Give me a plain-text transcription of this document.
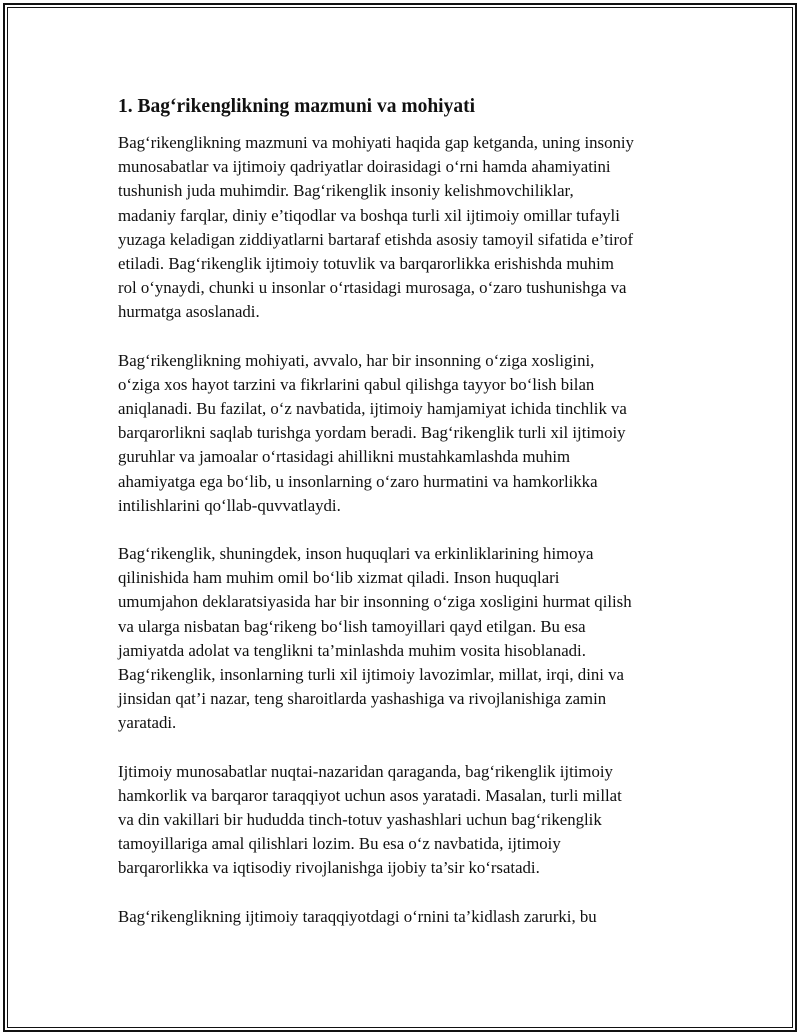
1. Bag‘rikenglikning mazmuni va mohiyati
Bag‘rikenglikning mazmuni va mohiyati haqida gap ketganda, uning insoniy
munosabatlar va ijtimoiy qadriyatlar doirasidagi o‘rni hamda ahamiyatini
tushunish juda muhimdir. Bag‘rikenglik insoniy kelishmovchiliklar,
madaniy farqlar, diniy e’tiqodlar va boshqa turli xil ijtimoiy omillar tufayli
yuzaga keladigan ziddiyatlarni bartaraf etishda asosiy tamoyil sifatida e’tirof
etiladi. Bag‘rikenglik ijtimoiy totuvlik va barqarorlikka erishishda muhim
rol o‘ynaydi, chunki u insonlar o‘rtasidagi murosaga, o‘zaro tushunishga va
hurmatga asoslanadi.
Bag‘rikenglikning mohiyati, avvalo, har bir insonning o‘ziga xosligini,
o‘ziga xos hayot tarzini va fikrlarini qabul qilishga tayyor bo‘lish bilan
aniqlanadi. Bu fazilat, o‘z navbatida, ijtimoiy hamjamiyat ichida tinchlik va
barqarorlikni saqlab turishga yordam beradi. Bag‘rikenglik turli xil ijtimoiy
guruhlar va jamoalar o‘rtasidagi ahillikni mustahkamlashda muhim
ahamiyatga ega bo‘lib, u insonlarning o‘zaro hurmatini va hamkorlikka
intilishlarini qo‘llab-quvvatlaydi.
Bag‘rikenglik, shuningdek, inson huquqlari va erkinliklarining himoya
qilinishida ham muhim omil bo‘lib xizmat qiladi. Inson huquqlari
umumjahon deklaratsiyasida har bir insonning o‘ziga xosligini hurmat qilish
va ularga nisbatan bag‘rikeng bo‘lish tamoyillari qayd etilgan. Bu esa
jamiyatda adolat va tenglikni ta’minlashda muhim vosita hisoblanadi.
Bag‘rikenglik, insonlarning turli xil ijtimoiy lavozimlar, millat, irqi, dini va
jinsidan qat’i nazar, teng sharoitlarda yashashiga va rivojlanishiga zamin
yaratadi.
Ijtimoiy munosabatlar nuqtai-nazaridan qaraganda, bag‘rikenglik ijtimoiy
hamkorlik va barqaror taraqqiyot uchun asos yaratadi. Masalan, turli millat
va din vakillari bir hududda tinch-totuv yashashlari uchun bag‘rikenglik
tamoyillariga amal qilishlari lozim. Bu esa o‘z navbatida, ijtimoiy
barqarorlikka va iqtisodiy rivojlanishga ijobiy ta’sir ko‘rsatadi.
Bag‘rikenglikning ijtimoiy taraqqiyotdagi o‘rnini ta’kidlash zarurki, bu
